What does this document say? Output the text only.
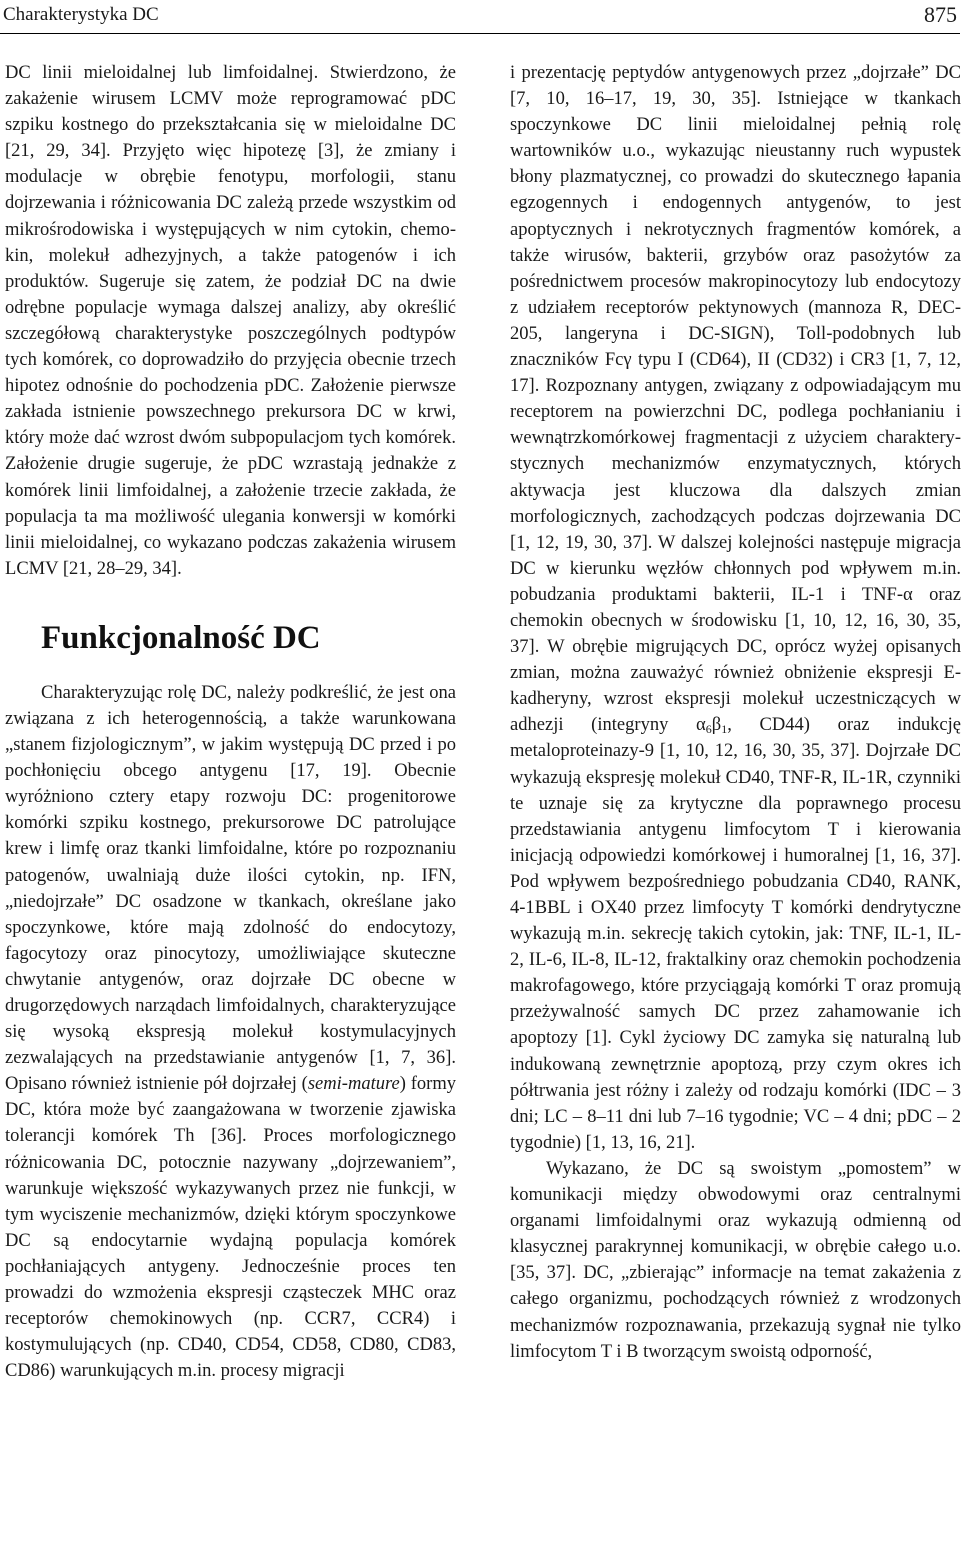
Charakterystyka DC	875

DC linii mieloidalnej lub limfoidalnej. Stwierdzono, że zakażenie wirusem LCMV może reprogramować pDC szpiku kostnego do przekształcania się w mieloidalne DC [21, 29, 34]. Przyjęto więc hipotezę [3], że zmiany i modulacje w obrębie fenotypu, morfologii, stanu dojrzewania i różnicowania DC zależą przede wszystkim od mikrośrodowiska i występujących w nim cytokin, chemokin, molekuł adhezyjnych, a także patogenów i ich produktów. Sugeruje się zatem, że podział DC na dwie odrębne populacje wymaga dalszej analizy, aby określić szczegółową charakterystyke poszczególnych podtypów tych komórek, co doprowadziło do przyjęcia obecnie trzech hipotez odnośnie do pochodzenia pDC. Założenie pierwsze zakłada istnienie powszechnego prekursora DC w krwi, który może dać wzrost dwóm subpopulacjom tych komórek. Założenie drugie sugeruje, że pDC wzrastają jednakże z komórek linii limfoidalnej, a założenie trzecie zakłada, że populacja ta ma możliwość ulegania konwersji w komórki linii mieloidalnej, co wykazano podczas zakażenia wirusem LCMV [21, 28–29, 34].

Funkcjonalność DC

Charakteryzując rolę DC, należy podkreślić, że jest ona związana z ich heterogennością, a także warunkowana „stanem fizjologicznym”, w jakim występują DC przed i po pochłonięciu obcego antygenu [17, 19]. Obecnie wyróżniono cztery etapy rozwoju DC: progenitorowe komórki szpiku kostnego, prekursorowe DC patrolujące krew i limfę oraz tkanki limfoidalne, które po rozpoznaniu patogenów, uwalniają duże ilości cytokin, np. IFN, „niedojrzałe” DC osadzone w tkankach, określane jako spoczynkowe, które mają zdolność do endocytozy, fagocytozy oraz pinocytozy, umożliwiające skuteczne chwytanie antygenów, oraz dojrzałe DC obecne w drugorzędowych narządach limfoidalnych, charakteryzujące się wysoką ekspresją molekuł kostymulacyjnych zezwalających na przedstawianie antygenów [1, 7, 36]. Opisano również istnienie pół dojrzałej (semi-mature) formy DC, która może być zaangażowana w tworzenie zjawiska tolerancji komórek Th [36]. Proces morfologicznego różnicowania DC, potocznie nazywany „dojrzewaniem”, warunkuje większość wykazywanych przez nie funkcji, w tym wyciszenie mechanizmów, dzięki którym spoczynkowe DC są endocytarnie wydajną populacja komórek pochłaniających antygeny. Jednocześnie proces ten prowadzi do wzmożenia ekspresji cząsteczek MHC oraz receptorów chemokinowych (np. CCR7, CCR4) i kostymulujących (np. CD40, CD54, CD58, CD80, CD83, CD86) warunkujących m.in. procesy migracji

i prezentację peptydów antygenowych przez „dojrzałe” DC [7, 10, 16–17, 19, 30, 35]. Istniejące w tkankach spoczynkowe DC linii mieloidalnej pełnią rolę wartowników u.o., wykazując nieustanny ruch wypustek błony plazmatycznej, co prowadzi do skutecznego łapania egzogennych i endogennych antygenów, to jest apoptycznych i nekrotycznych fragmentów komórek, a także wirusów, bakterii, grzybów oraz pasożytów za pośrednictwem procesów makropinocytozy lub endocytozy z udziałem receptorów pektynowych (mannoza R, DEC-205, langeryna i DC-SIGN), Toll-podobnych lub znaczników Fcγ typu I (CD64), II (CD32) i CR3 [1, 7, 12, 17]. Rozpoznany antygen, związany z odpowiadającym mu receptorem na powierzchni DC, podlega pochłanianiu i wewnątrzkomórkowej fragmentacji z użyciem charakterystycznych mechanizmów enzymatycznych, których aktywacja jest kluczowa dla dalszych zmian morfologicznych, zachodzących podczas dojrzewania DC [1, 12, 19, 30, 37]. W dalszej kolejności następuje migracja DC w kierunku węzłów chłonnych pod wpływem m.in. pobudzania produktami bakterii, IL-1 i TNF-α oraz chemokin obecnych w środowisku [1, 10, 12, 16, 30, 35, 37]. W obrębie migrujących DC, oprócz wyżej opisanych zmian, można zauważyć również obniżenie ekspresji E-kadheryny, wzrost ekspresji molekuł uczestniczących w adhezji (integryny $\alpha_6\beta_1$, CD44) oraz indukcję metaloproteinazy-9 [1, 10, 12, 16, 30, 35, 37]. Dojrzałe DC wykazują ekspresję molekuł CD40, TNF-R, IL-1R, czynniki te uznaje się za krytyczne dla poprawnego procesu przedstawiania antygenu limfocytom T i kierowania inicjacją odpowiedzi komórkowej i humoralnej [1, 16, 37]. Pod wpływem bezpośredniego pobudzania CD40, RANK, 4-1BBL i OX40 przez limfocyty T komórki dendrytyczne wykazują m.in. sekrecję takich cytokin, jak: TNF, IL-1, IL-2, IL-6, IL-8, IL-12, fraktalkiny oraz chemokin pochodzenia makrofagowego, które przyciągają komórki T oraz promują przeżywalność samych DC przez zahamowanie ich apoptozy [1]. Cykl życiowy DC zamyka się naturalną lub indukowaną zewnętrznie apoptozą, przy czym okres ich półtrwania jest różny i zależy od rodzaju komórki (IDC – 3 dni; LC – 8–11 dni lub 7–16 tygodnie; VC – 4 dni; pDC – 2 tygodnie) [1, 13, 16, 21].

Wykazano, że DC są swoistym „pomostem” w komunikacji między obwodowymi oraz centralnymi organami limfoidalnymi oraz wykazują odmienną od klasycznej parakrynnej komunikacji, w obrębie całego u.o. [35, 37]. DC, „zbierając” informacje na temat zakażenia z całego organizmu, pochodzących również z wrodzonych mechanizmów rozpoznawania, przekazują sygnał nie tylko limfocytom T i B tworzącym swoistą odporność,
